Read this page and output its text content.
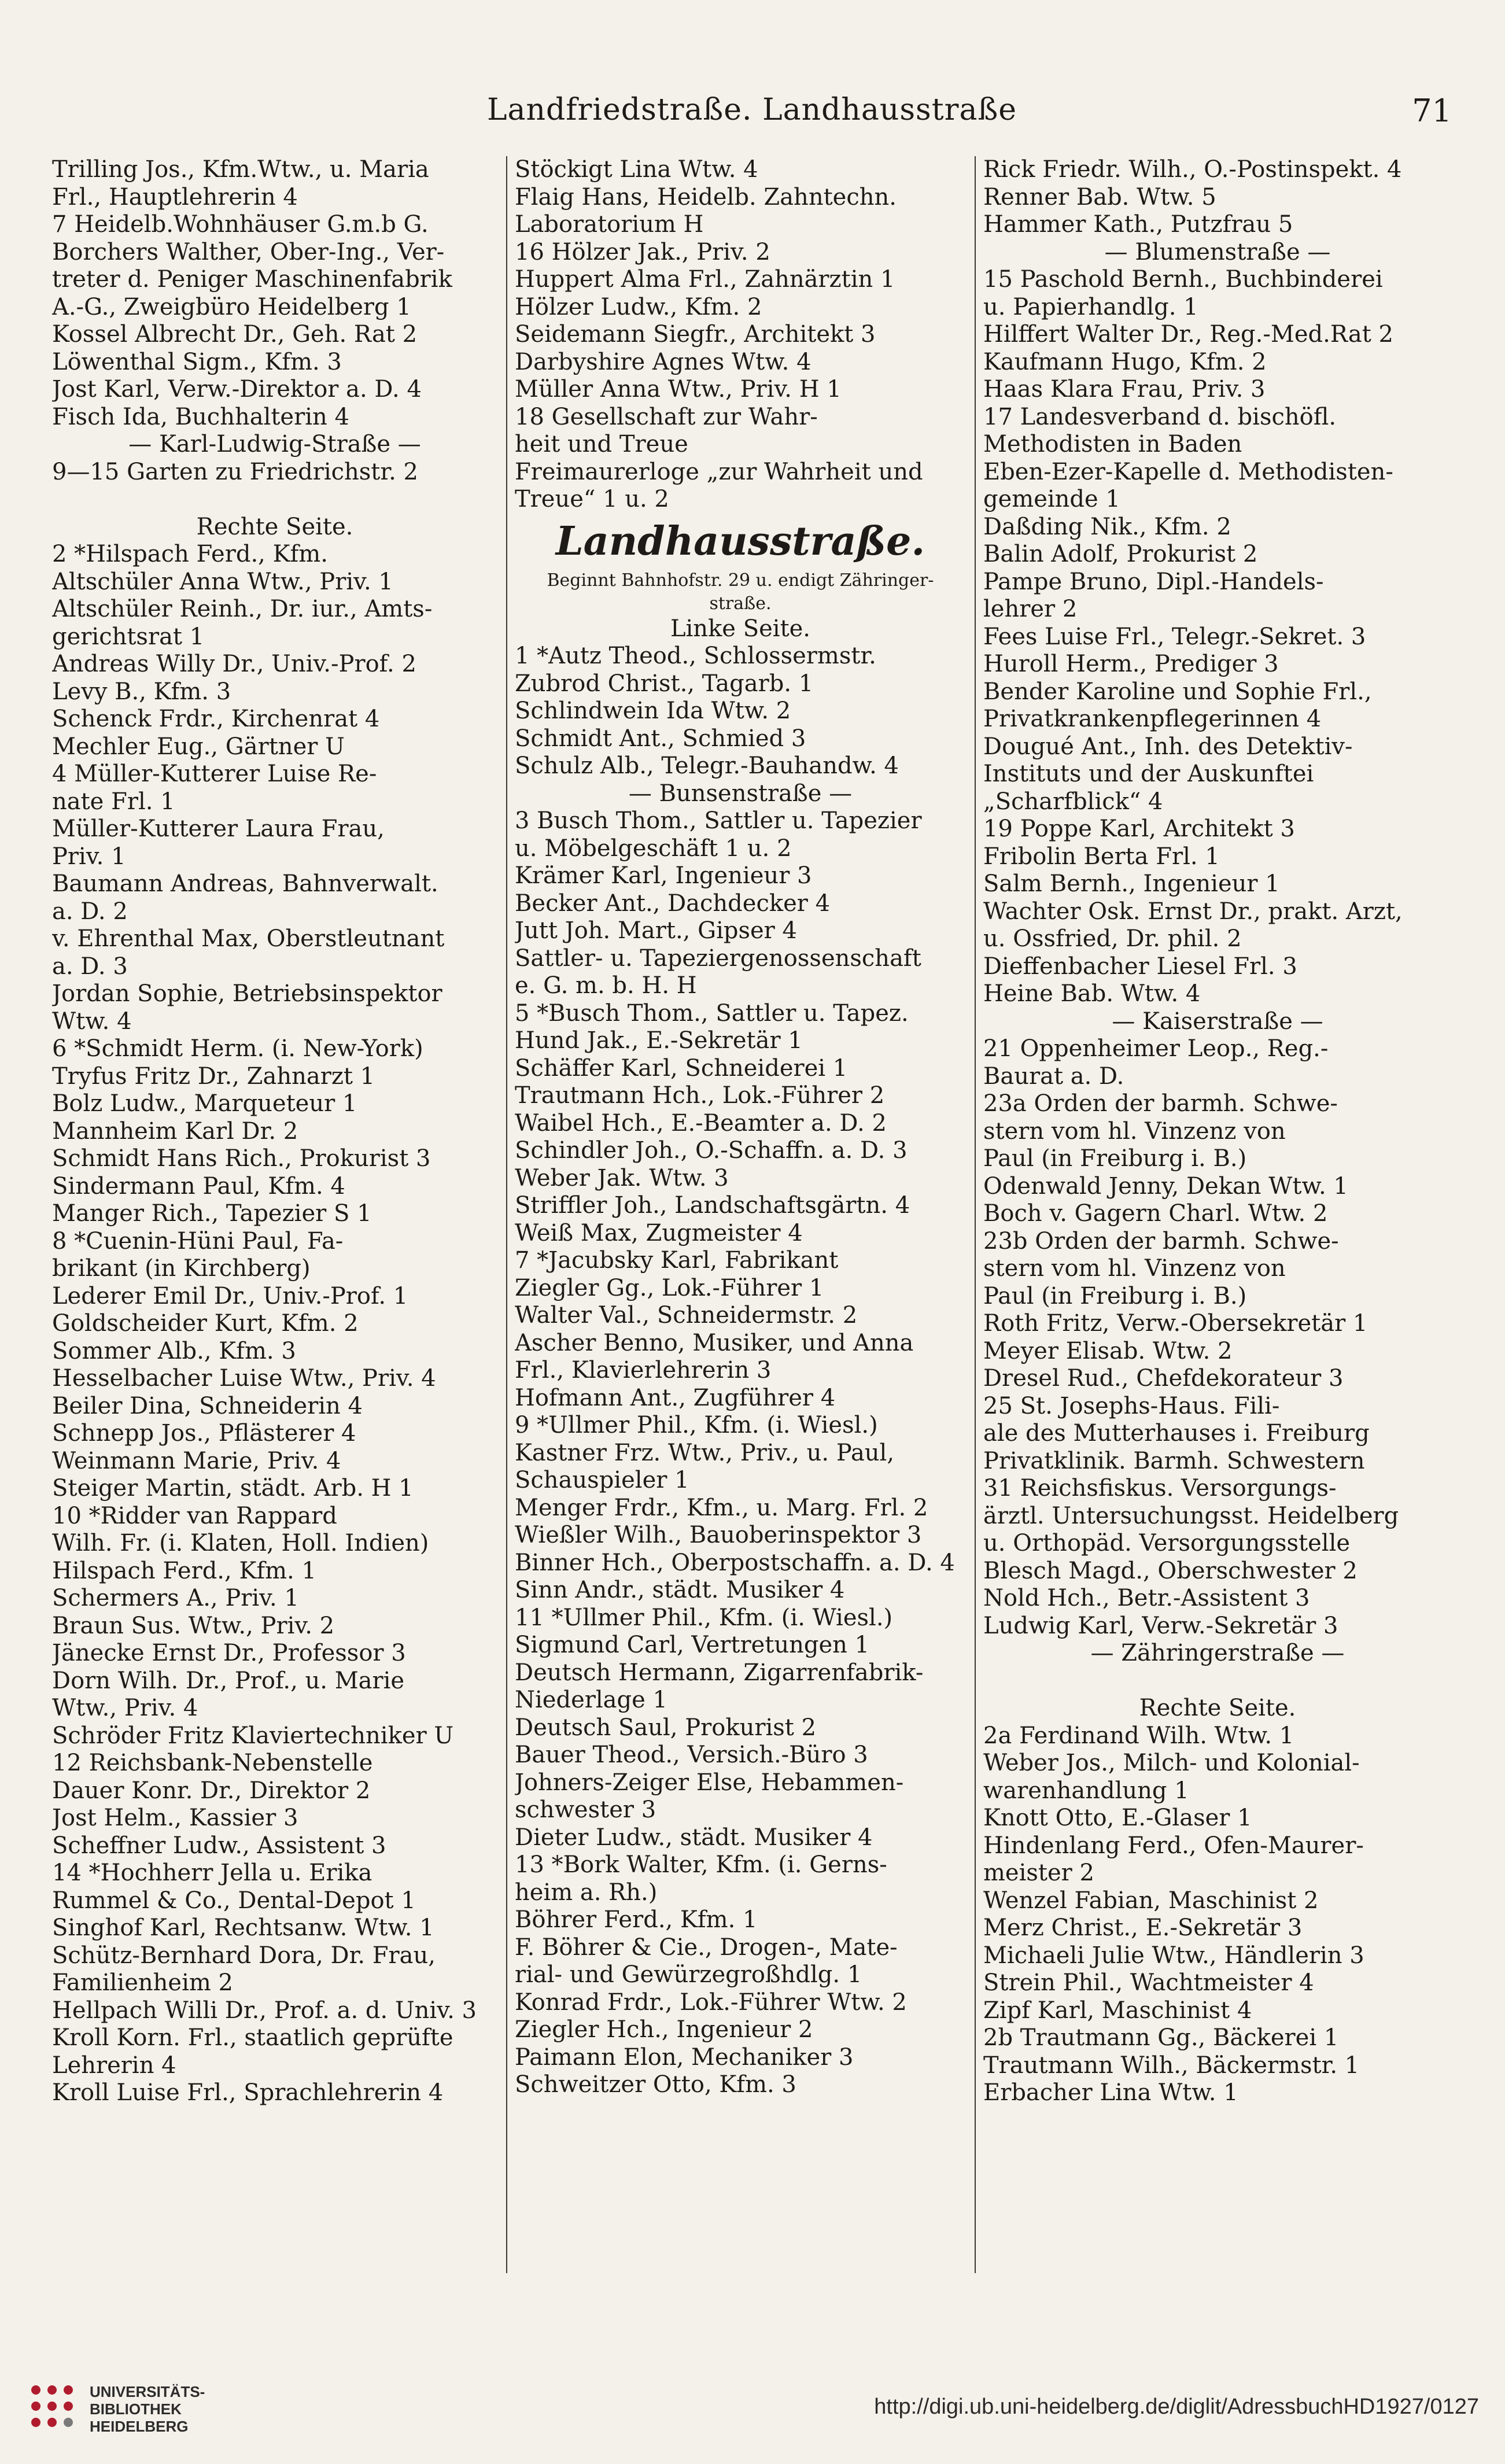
Landfriedstraße. Landhausstraße	71
Trilling Jos., Kfm.Wtw., u. Maria
Frl., Hauptlehrerin 4
7 Heidelb.Wohnhäuser G.m.b G.
Borchers Walther, Ober-Ing., Ver-
treter d. Peniger Maschinenfabrik
A.-G., Zweigbüro Heidelberg 1
Kossel Albrecht Dr., Geh. Rat 2
Löwenthal Sigm., Kfm. 3
Jost Karl, Verw.-Direktor a. D. 4
Fisch Ida, Buchhalterin 4
— Karl-Ludwig-Straße —
9—15 Garten zu Friedrichstr. 2
Rechte Seite.
2 *Hilspach Ferd., Kfm.
Altschüler Anna Wtw., Priv. 1
Altschüler Reinh., Dr. iur., Amts-
gerichtsrat 1
Andreas Willy Dr., Univ.-Prof. 2
Levy B., Kfm. 3
Schenck Frdr., Kirchenrat 4
Mechler Eug., Gärtner U
4 Müller-Kutterer Luise Re-
nate Frl. 1
Müller-Kutterer Laura Frau,
Priv. 1
Baumann Andreas, Bahnverwalt.
a. D. 2
v. Ehrenthal Max, Oberstleutnant
a. D. 3
Jordan Sophie, Betriebsinspektor
Wtw. 4
6 *Schmidt Herm. (i. New-York)
Tryfus Fritz Dr., Zahnarzt 1
Bolz Ludw., Marqueteur 1
Mannheim Karl Dr. 2
Schmidt Hans Rich., Prokurist 3
Sindermann Paul, Kfm. 4
Manger Rich., Tapezier S 1
8 *Cuenin-Hüni Paul, Fa-
brikant (in Kirchberg)
Lederer Emil Dr., Univ.-Prof. 1
Goldscheider Kurt, Kfm. 2
Sommer Alb., Kfm. 3
Hesselbacher Luise Wtw., Priv. 4
Beiler Dina, Schneiderin 4
Schnepp Jos., Pflästerer 4
Weinmann Marie, Priv. 4
Steiger Martin, städt. Arb. H 1
10 *Ridder van Rappard
Wilh. Fr. (i. Klaten, Holl. Indien)
Hilspach Ferd., Kfm. 1
Schermers A., Priv. 1
Braun Sus. Wtw., Priv. 2
Jänecke Ernst Dr., Professor 3
Dorn Wilh. Dr., Prof., u. Marie
Wtw., Priv. 4
Schröder Fritz Klaviertechniker U
12 Reichsbank-Nebenstelle
Dauer Konr. Dr., Direktor 2
Jost Helm., Kassier 3
Scheffner Ludw., Assistent 3
14 *Hochherr Jella u. Erika
Rummel & Co., Dental-Depot 1
Singhof Karl, Rechtsanw. Wtw. 1
Schütz-Bernhard Dora, Dr. Frau,
Familienheim 2
Hellpach Willi Dr., Prof. a. d. Univ. 3
Kroll Korn. Frl., staatlich geprüfte
Lehrerin 4
Kroll Luise Frl., Sprachlehrerin 4
Stöckigt Lina Wtw. 4
Flaig Hans, Heidelb. Zahntechn.
Laboratorium H
16 Hölzer Jak., Priv. 2
Huppert Alma Frl., Zahnärztin 1
Hölzer Ludw., Kfm. 2
Seidemann Siegfr., Architekt 3
Darbyshire Agnes Wtw. 4
Müller Anna Wtw., Priv. H 1
18 Gesellschaft zur Wahr-
heit und Treue
Freimaurerloge „zur Wahrheit und
Treue“ 1 u. 2
Landhausstraße.
Beginnt Bahnhofstr. 29 u. endigt Zähringer-
straße.
Linke Seite.
1 *Autz Theod., Schlossermstr.
Zubrod Christ., Tagarb. 1
Schlindwein Ida Wtw. 2
Schmidt Ant., Schmied 3
Schulz Alb., Telegr.-Bauhandw. 4
— Bunsenstraße —
3 Busch Thom., Sattler u. Tapezier
u. Möbelgeschäft 1 u. 2
Krämer Karl, Ingenieur 3
Becker Ant., Dachdecker 4
Jutt Joh. Mart., Gipser 4
Sattler- u. Tapeziergenossenschaft
e. G. m. b. H. H
5 *Busch Thom., Sattler u. Tapez.
Hund Jak., E.-Sekretär 1
Schäffer Karl, Schneiderei 1
Trautmann Hch., Lok.-Führer 2
Waibel Hch., E.-Beamter a. D. 2
Schindler Joh., O.-Schaffn. a. D. 3
Weber Jak. Wtw. 3
Striffler Joh., Landschaftsgärtn. 4
Weiß Max, Zugmeister 4
7 *Jacubsky Karl, Fabrikant
Ziegler Gg., Lok.-Führer 1
Walter Val., Schneidermstr. 2
Ascher Benno, Musiker, und Anna
Frl., Klavierlehrerin 3
Hofmann Ant., Zugführer 4
9 *Ullmer Phil., Kfm. (i. Wiesl.)
Kastner Frz. Wtw., Priv., u. Paul,
Schauspieler 1
Menger Frdr., Kfm., u. Marg. Frl. 2
Wießler Wilh., Bauoberinspektor 3
Binner Hch., Oberpostschaffn. a. D. 4
Sinn Andr., städt. Musiker 4
11 *Ullmer Phil., Kfm. (i. Wiesl.)
Sigmund Carl, Vertretungen 1
Deutsch Hermann, Zigarrenfabrik-
Niederlage 1
Deutsch Saul, Prokurist 2
Bauer Theod., Versich.-Büro 3
Johners-Zeiger Else, Hebammen-
schwester 3
Dieter Ludw., städt. Musiker 4
13 *Bork Walter, Kfm. (i. Gerns-
heim a. Rh.)
Böhrer Ferd., Kfm. 1
F. Böhrer & Cie., Drogen-, Mate-
rial- und Gewürzegroßhdlg. 1
Konrad Frdr., Lok.-Führer Wtw. 2
Ziegler Hch., Ingenieur 2
Paimann Elon, Mechaniker 3
Schweitzer Otto, Kfm. 3
Rick Friedr. Wilh., O.-Postinspekt. 4
Renner Bab. Wtw. 5
Hammer Kath., Putzfrau 5
— Blumenstraße —
15 Paschold Bernh., Buchbinderei
u. Papierhandlg. 1
Hilffert Walter Dr., Reg.-Med.Rat 2
Kaufmann Hugo, Kfm. 2
Haas Klara Frau, Priv. 3
17 Landesverband d. bischöfl.
Methodisten in Baden
Eben-Ezer-Kapelle d. Methodisten-
gemeinde 1
Daßding Nik., Kfm. 2
Balin Adolf, Prokurist 2
Pampe Bruno, Dipl.-Handels-
lehrer 2
Fees Luise Frl., Telegr.-Sekret. 3
Huroll Herm., Prediger 3
Bender Karoline und Sophie Frl.,
Privatkrankenpflegerinnen 4
Dougué Ant., Inh. des Detektiv-
Instituts und der Auskunftei
„Scharfblick“ 4
19 Poppe Karl, Architekt 3
Fribolin Berta Frl. 1
Salm Bernh., Ingenieur 1
Wachter Osk. Ernst Dr., prakt. Arzt,
u. Ossfried, Dr. phil. 2
Dieffenbacher Liesel Frl. 3
Heine Bab. Wtw. 4
— Kaiserstraße —
21 Oppenheimer Leop., Reg.-
Baurat a. D.
23a Orden der barmh. Schwe-
stern vom hl. Vinzenz von
Paul (in Freiburg i. B.)
Odenwald Jenny, Dekan Wtw. 1
Boch v. Gagern Charl. Wtw. 2
23b Orden der barmh. Schwe-
stern vom hl. Vinzenz von
Paul (in Freiburg i. B.)
Roth Fritz, Verw.-Obersekretär 1
Meyer Elisab. Wtw. 2
Dresel Rud., Chefdekorateur 3
25 St. Josephs-Haus. Fili-
ale des Mutterhauses i. Freiburg
Privatklinik. Barmh. Schwestern
31 Reichsfiskus. Versorgungs-
ärztl. Untersuchungsst. Heidelberg
u. Orthopäd. Versorgungsstelle
Blesch Magd., Oberschwester 2
Nold Hch., Betr.-Assistent 3
Ludwig Karl, Verw.-Sekretär 3
— Zähringerstraße —
Rechte Seite.
2a Ferdinand Wilh. Wtw. 1
Weber Jos., Milch- und Kolonial-
warenhandlung 1
Knott Otto, E.-Glaser 1
Hindenlang Ferd., Ofen-Maurer-
meister 2
Wenzel Fabian, Maschinist 2
Merz Christ., E.-Sekretär 3
Michaeli Julie Wtw., Händlerin 3
Strein Phil., Wachtmeister 4
Zipf Karl, Maschinist 4
2b Trautmann Gg., Bäckerei 1
Trautmann Wilh., Bäckermstr. 1
Erbacher Lina Wtw. 1
UNIVERSITÄTS-
BIBLIOTHEK
HEIDELBERG
http://digi.ub.uni-heidelberg.de/diglit/AdressbuchHD1927/0127
